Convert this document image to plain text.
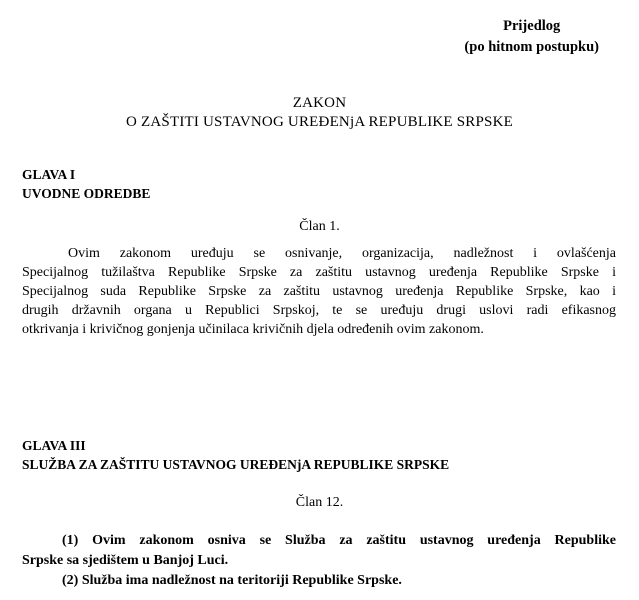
Prijedlog
(po hitnom postupku)
ZAKON
O ZAŠTITI USTAVNOG UREĐENjA REPUBLIKE SRPSKE
GLAVA I
UVODNE ODREDBE
Član 1.
Ovim zakonom uređuju se osnivanje, organizacija, nadležnost i ovlašćenja
Specijalnog tužilaštva Republike Srpske za zaštitu ustavnog uređenja Republike Srpske i
Specijalnog suda Republike Srpske za zaštitu ustavnog uređenja Republike Srpske, kao i
drugih državnih organa u Republici Srpskoj, te se uređuju drugi uslovi radi efikasnog
otkrivanja i krivičnog gonjenja učinilaca krivičnih djela određenih ovim zakonom.
GLAVA III
SLUŽBA ZA ZAŠTITU USTAVNOG UREĐENjA REPUBLIKE SRPSKE
Član 12.
(1) Ovim zakonom osniva se Služba za zaštitu ustavnog uređenja Republike
Srpske sa sjedištem u Banjoj Luci.
(2) Služba ima nadležnost na teritoriji Republike Srpske.
